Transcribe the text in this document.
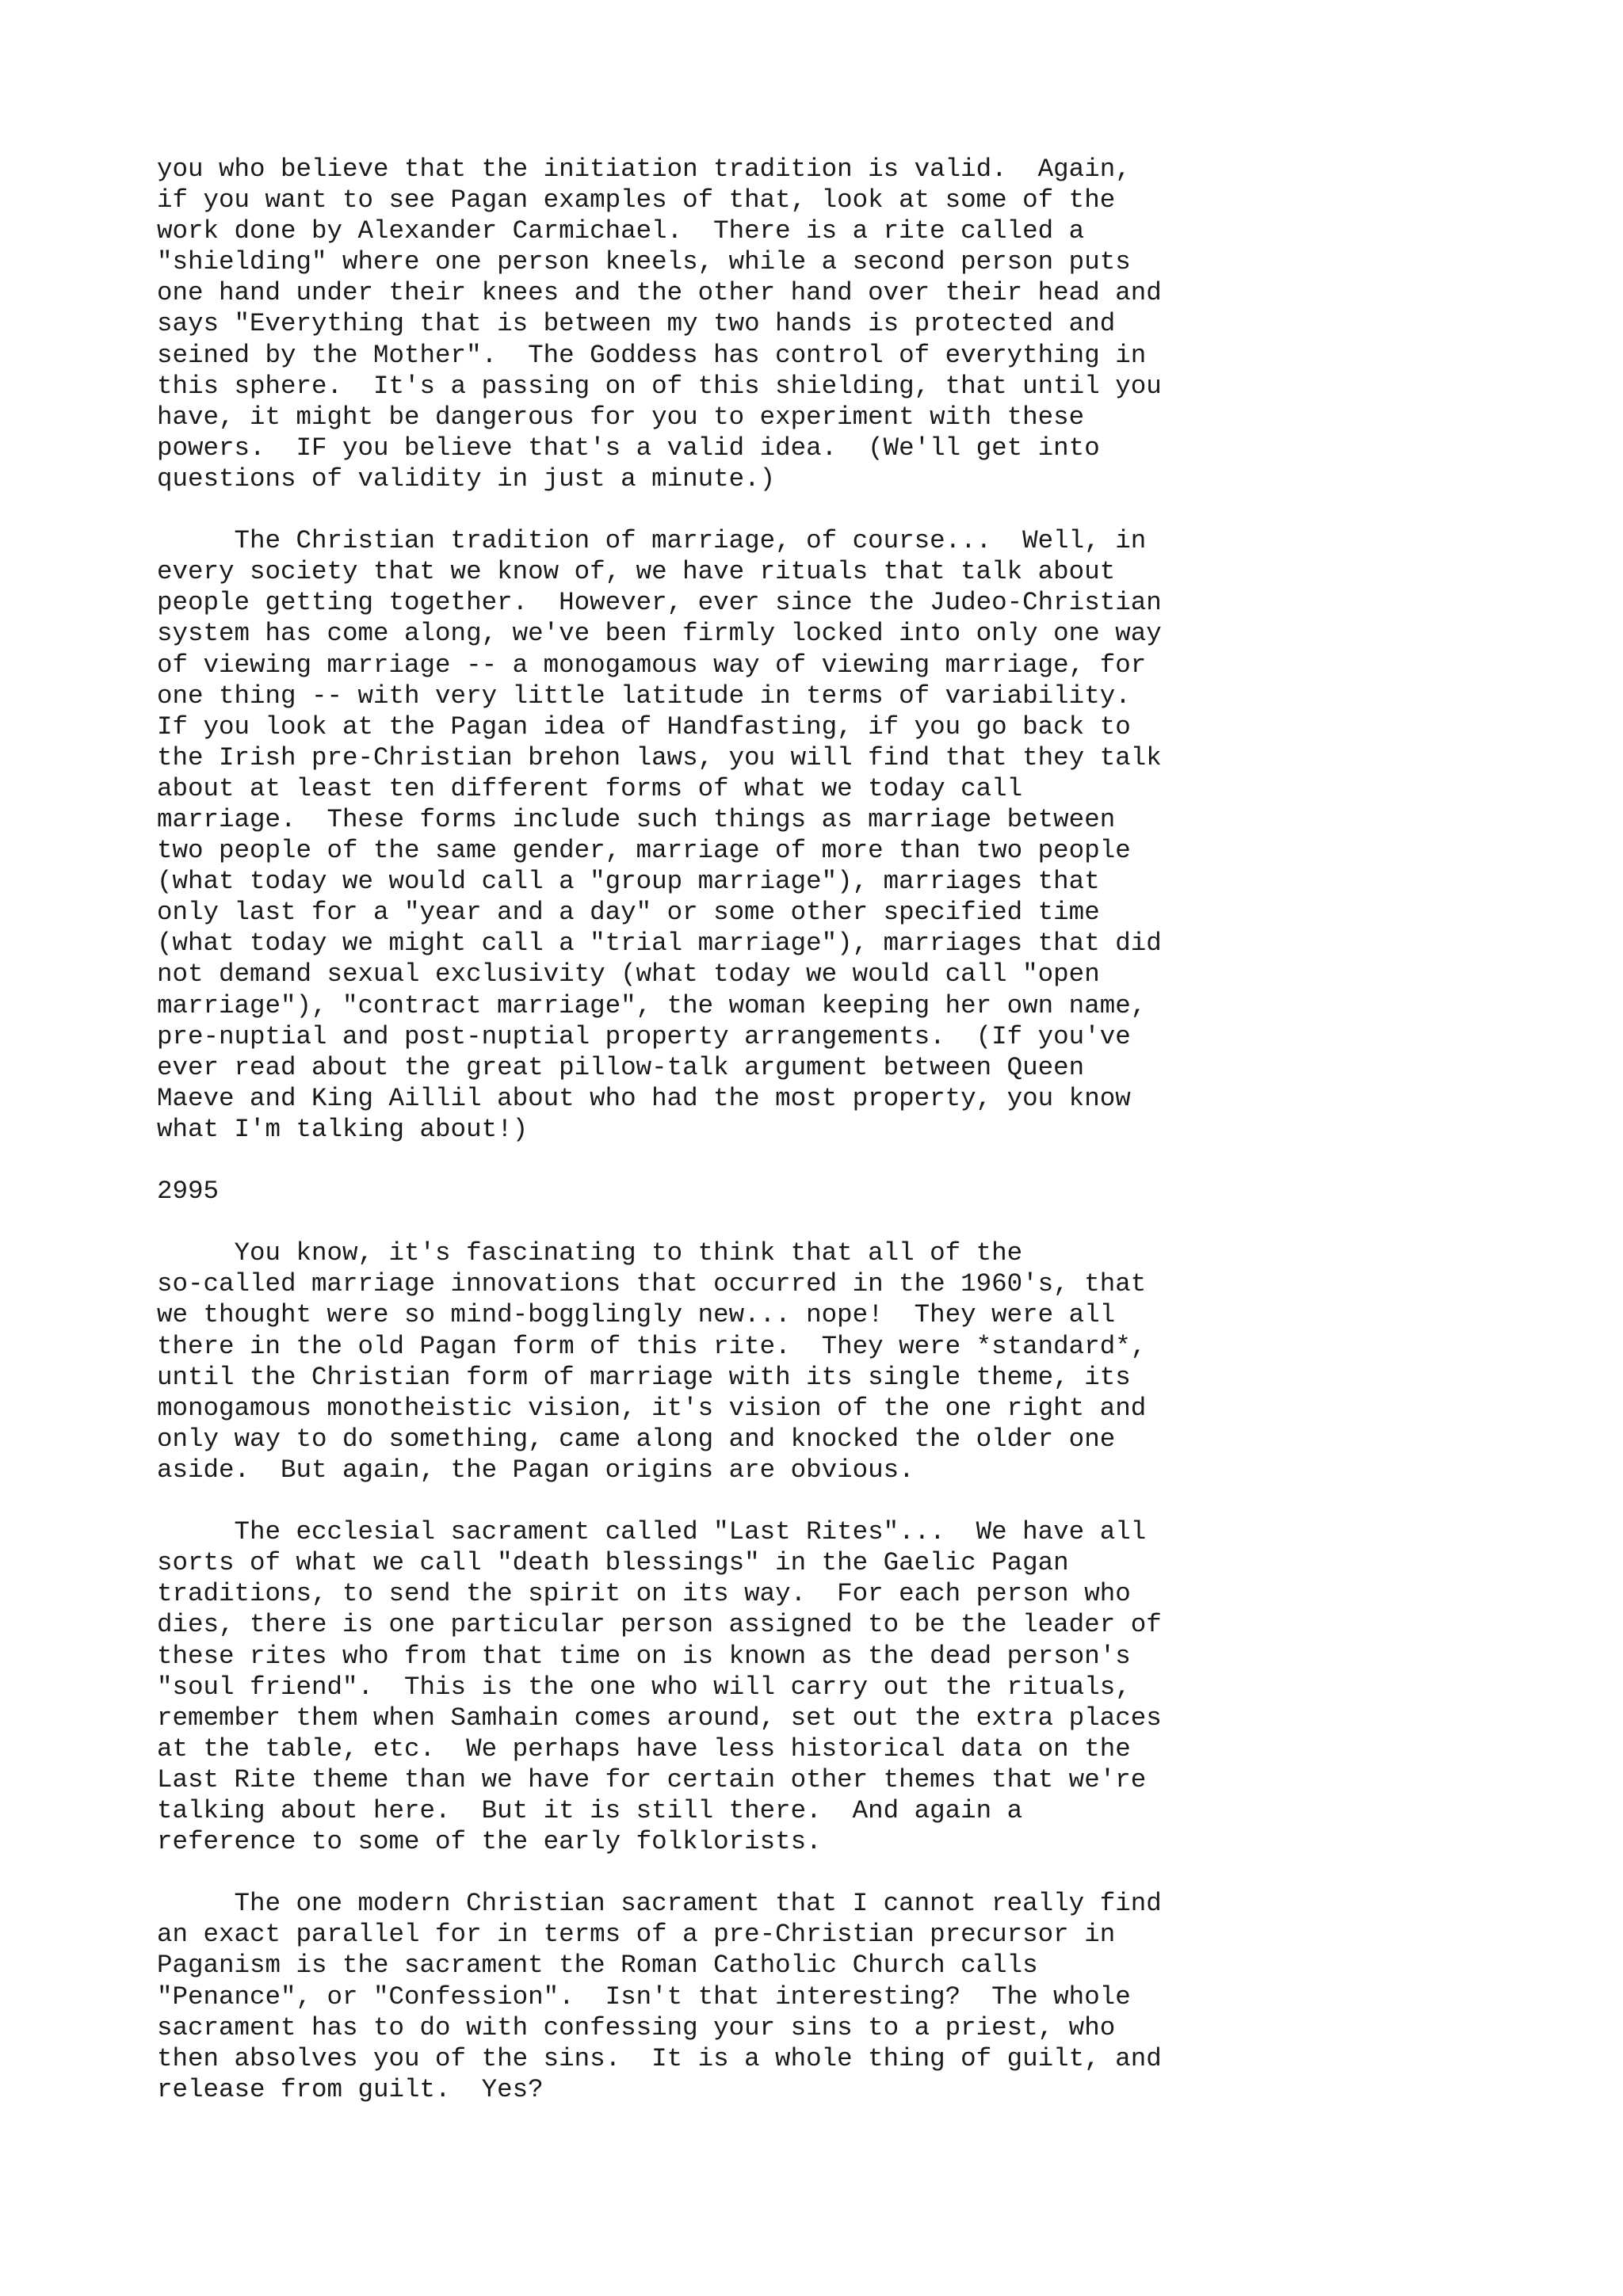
you who believe that the initiation tradition is valid.  Again,
if you want to see Pagan examples of that, look at some of the
work done by Alexander Carmichael.  There is a rite called a
"shielding" where one person kneels, while a second person puts
one hand under their knees and the other hand over their head and
says "Everything that is between my two hands is protected and
seined by the Mother".  The Goddess has control of everything in
this sphere.  It's a passing on of this shielding, that until you
have, it might be dangerous for you to experiment with these
powers.  IF you believe that's a valid idea.  (We'll get into
questions of validity in just a minute.)

The Christian tradition of marriage, of course...  Well, in
every society that we know of, we have rituals that talk about
people getting together.  However, ever since the Judeo-Christian
system has come along, we've been firmly locked into only one way
of viewing marriage -- a monogamous way of viewing marriage, for
one thing -- with very little latitude in terms of variability.
If you look at the Pagan idea of Handfasting, if you go back to
the Irish pre-Christian brehon laws, you will find that they talk
about at least ten different forms of what we today call
marriage.  These forms include such things as marriage between
two people of the same gender, marriage of more than two people
(what today we would call a "group marriage"), marriages that
only last for a "year and a day" or some other specified time
(what today we might call a "trial marriage"), marriages that did
not demand sexual exclusivity (what today we would call "open
marriage"), "contract marriage", the woman keeping her own name,
pre-nuptial and post-nuptial property arrangements.  (If you've
ever read about the great pillow-talk argument between Queen
Maeve and King Aillil about who had the most property, you know
what I'm talking about!)

2995

You know, it's fascinating to think that all of the
so-called marriage innovations that occurred in the 1960's, that
we thought were so mind-bogglingly new... nope!  They were all
there in the old Pagan form of this rite.  They were *standard*,
until the Christian form of marriage with its single theme, its
monogamous monotheistic vision, it's vision of the one right and
only way to do something, came along and knocked the older one
aside.  But again, the Pagan origins are obvious.

The ecclesial sacrament called "Last Rites"...  We have all
sorts of what we call "death blessings" in the Gaelic Pagan
traditions, to send the spirit on its way.  For each person who
dies, there is one particular person assigned to be the leader of
these rites who from that time on is known as the dead person's
"soul friend".  This is the one who will carry out the rituals,
remember them when Samhain comes around, set out the extra places
at the table, etc.  We perhaps have less historical data on the
Last Rite theme than we have for certain other themes that we're
talking about here.  But it is still there.  And again a
reference to some of the early folklorists.

The one modern Christian sacrament that I cannot really find
an exact parallel for in terms of a pre-Christian precursor in
Paganism is the sacrament the Roman Catholic Church calls
"Penance", or "Confession".  Isn't that interesting?  The whole
sacrament has to do with confessing your sins to a priest, who
then absolves you of the sins.  It is a whole thing of guilt, and
release from guilt.  Yes?
